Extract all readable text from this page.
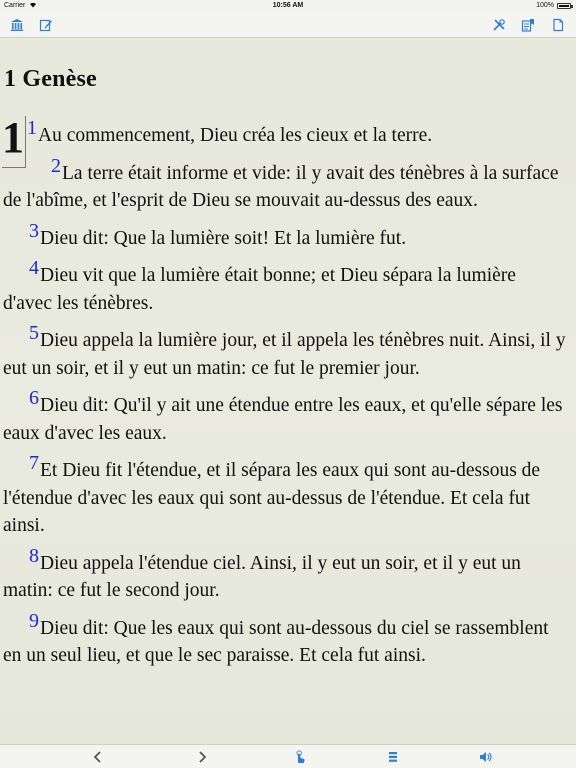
Carrier	10:56 AM	100%
1 Genèse
1 1Au commencement, Dieu créa les cieux et la terre.

2La terre était informe et vide: il y avait des ténèbres à la surface de l'abîme, et l'esprit de Dieu se mouvait au-dessus des eaux.

3Dieu dit: Que la lumière soit! Et la lumière fut.

4Dieu vit que la lumière était bonne; et Dieu sépara la lumière d'avec les ténèbres.

5Dieu appela la lumière jour, et il appela les ténèbres nuit. Ainsi, il y eut un soir, et il y eut un matin: ce fut le premier jour.

6Dieu dit: Qu'il y ait une étendue entre les eaux, et qu'elle sépare les eaux d'avec les eaux.

7Et Dieu fit l'étendue, et il sépara les eaux qui sont au-dessous de l'étendue d'avec les eaux qui sont au-dessus de l'étendue. Et cela fut ainsi.

8Dieu appela l'étendue ciel. Ainsi, il y eut un soir, et il y eut un matin: ce fut le second jour.

9Dieu dit: Que les eaux qui sont au-dessous du ciel se rassemblent en un seul lieu, et que le sec paraisse. Et cela fut ainsi.
